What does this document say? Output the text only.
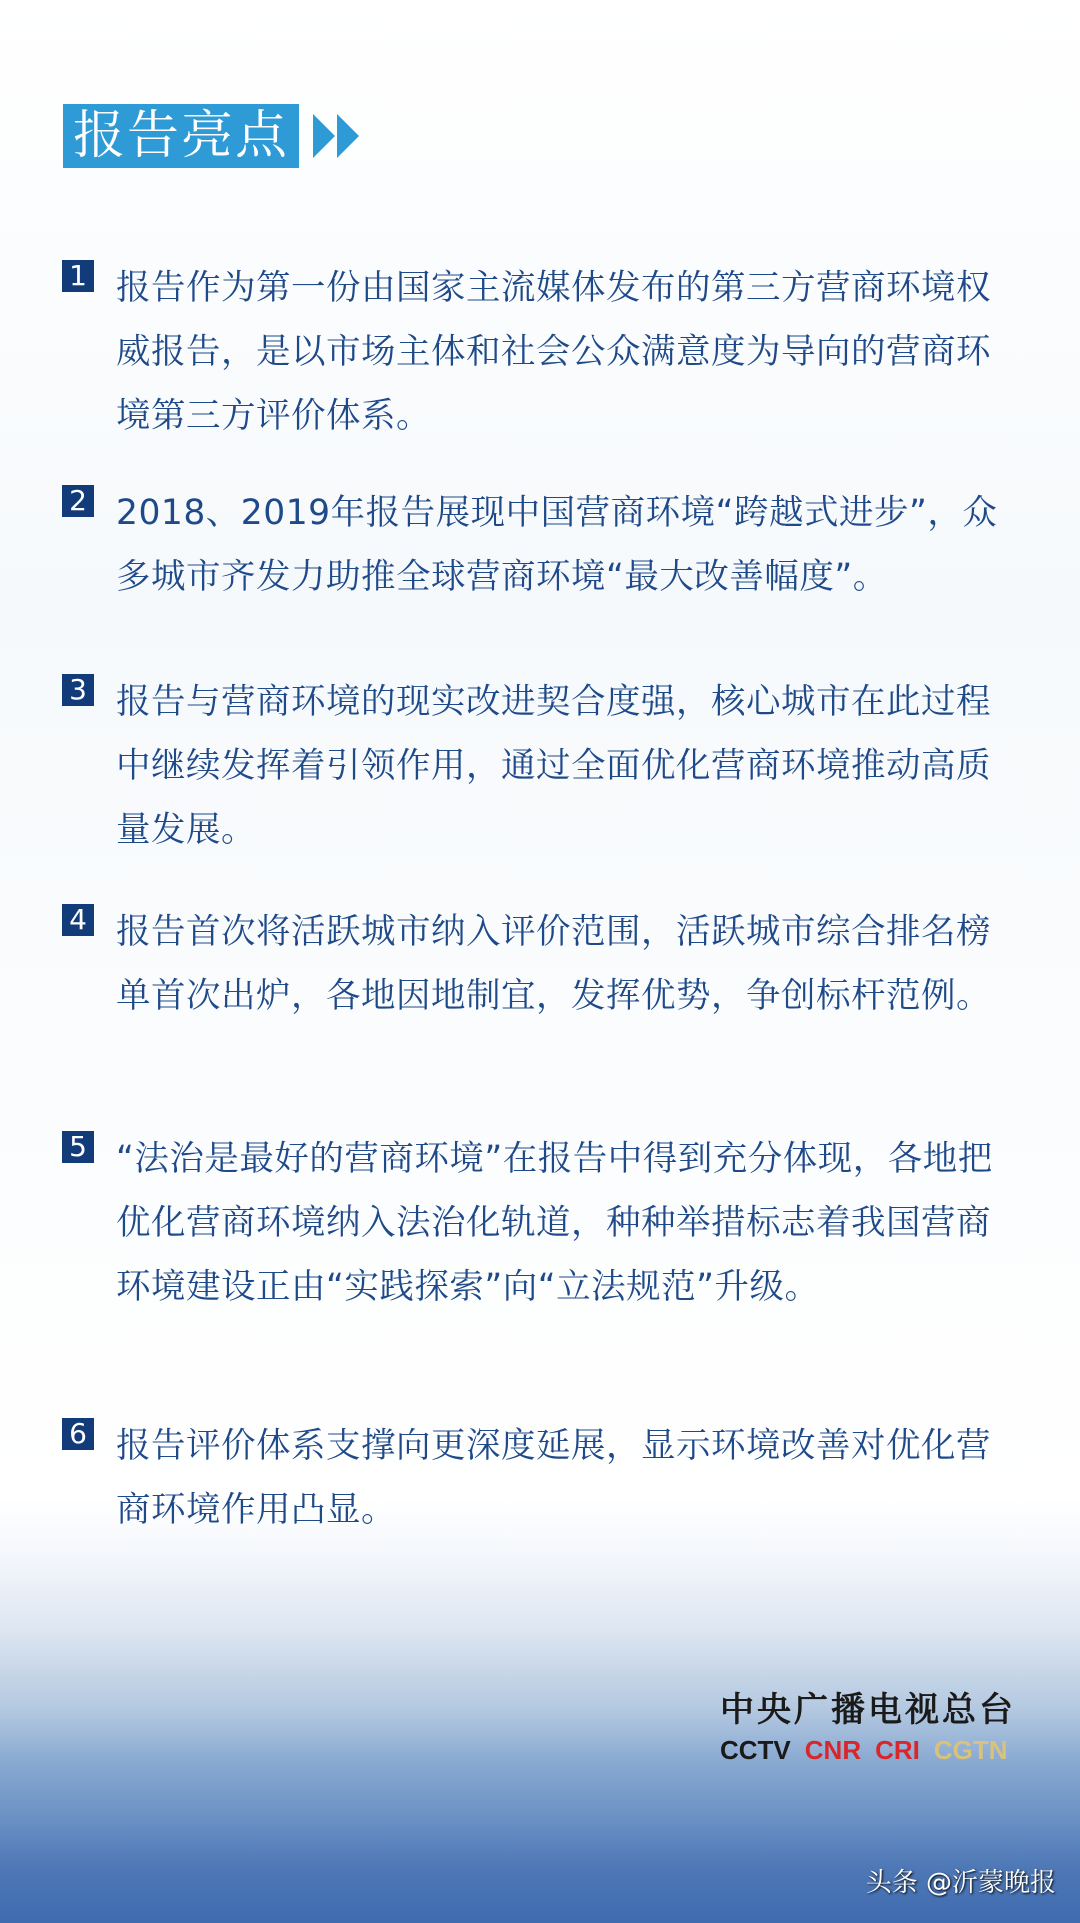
报告亮点
1 报告作为第一份由国家主流媒体发布的第三方营商环境权威报告，是以市场主体和社会公众满意度为导向的营商环境第三方评价体系。
2 2018、2019年报告展现中国营商环境“跨越式进步”，众多城市齐发力助推全球营商环境“最大改善幅度”。
3 报告与营商环境的现实改进契合度强，核心城市在此过程中继续发挥着引领作用，通过全面优化营商环境推动高质量发展。
4 报告首次将活跃城市纳入评价范围，活跃城市综合排名榜单首次出炉，各地因地制宜，发挥优势，争创标杆范例。
5 “法治是最好的营商环境”在报告中得到充分体现，各地把优化营商环境纳入法治化轨道，种种举措标志着我国营商环境建设正由“实践探索”向“立法规范”升级。
6 报告评价体系支撑向更深度延展，显示环境改善对优化营商环境作用凸显。
中央广播电视总台
CCTV CNR CRI CGTN
头条 @沂蒙晚报
